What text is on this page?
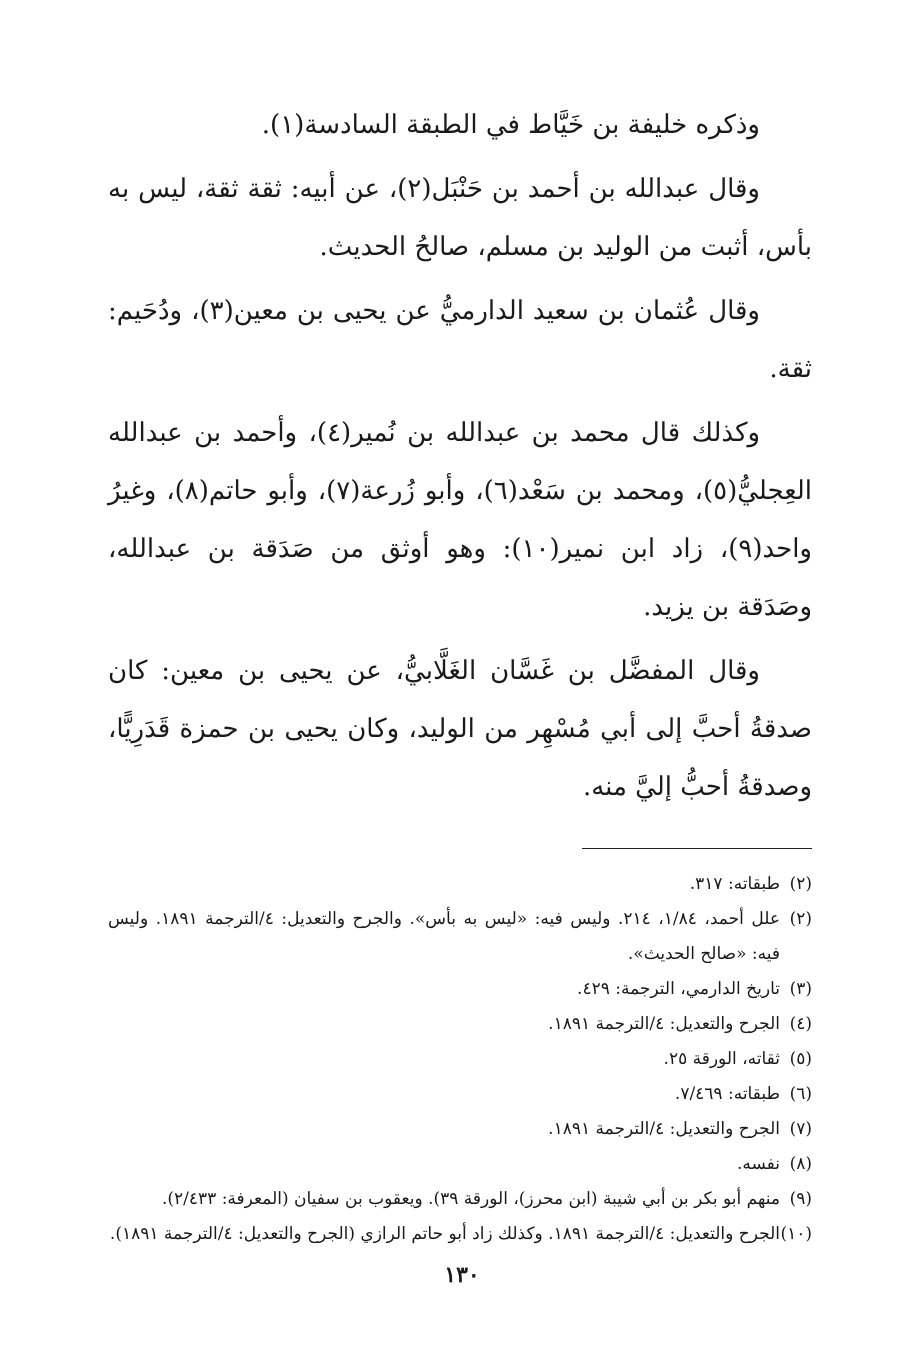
وذكره خليفة بن خَيَّاط في الطبقة السادسة(١).

وقال عبدالله بن أحمد بن حَنْبَل(٢)، عن أبيه: ثقة ثقة، ليس به بأس، أثبت من الوليد بن مسلم، صالحُ الحديث.

وقال عُثمان بن سعيد الدارميُّ عن يحيى بن معين(٣)، ودُحَيم: ثقة.

وكذلك قال محمد بن عبدالله بن نُمير(٤)، وأحمد بن عبدالله العِجليُّ(٥)، ومحمد بن سَعْد(٦)، وأبو زُرعة(٧)، وأبو حاتم(٨)، وغيرُ واحد(٩)، زاد ابن نمير(١٠): وهو أوثق من صَدَقة بن عبدالله، وصَدَقة بن يزيد.

وقال المفضَّل بن غَسَّان الغَلَّابيُّ، عن يحيى بن معين: كان صدقةُ أحبَّ إلى أبي مُسْهِر من الوليد، وكان يحيى بن حمزة قَدَرِيًّا، وصدقةُ أحبُّ إليَّ منه.

(٢)
طبقاته: ٣١٧.
(٢)
علل أحمد، ١/٨٤، ٢١٤. وليس فيه: «ليس به بأس». والجرح والتعديل: ٤/الترجمة ١٨٩١. وليس فيه: «صالح الحديث».
(٣)
تاريخ الدارمي، الترجمة: ٤٢٩.
(٤)
الجرح والتعديل: ٤/الترجمة ١٨٩١.
(٥)
ثقاته، الورقة ٢٥.
(٦)
طبقاته: ٧/٤٦٩.
(٧)
الجرح والتعديل: ٤/الترجمة ١٨٩١.
(٨)
نفسه.
(٩)
منهم أبو بكر بن أبي شيبة (ابن محرز)، الورقة ٣٩). ويعقوب بن سفيان (المعرفة: ٢/٤٣٣).
(١٠)
الجرح والتعديل: ٤/الترجمة ١٨٩١. وكذلك زاد أبو حاتم الرازي (الجرح والتعديل: ٤/الترجمة ١٨٩١).
١٣٠
